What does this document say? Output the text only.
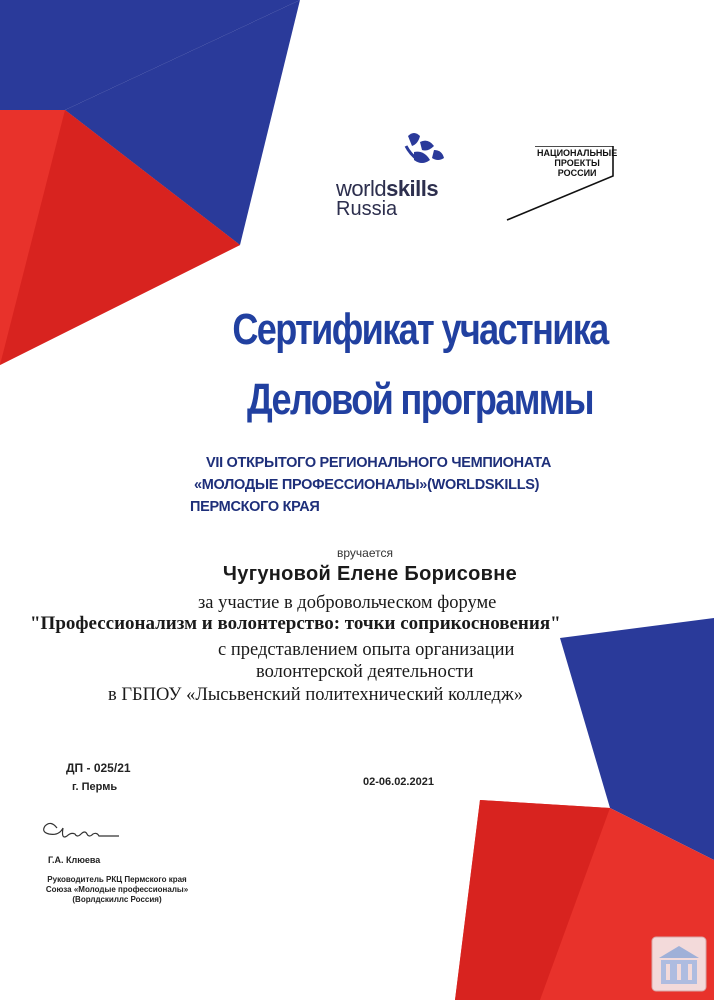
worldskills
Russia
НАЦИОНАЛЬНЫЕ
ПРОЕКТЫ
РОССИИ
Сертификат участника
Деловой программы
VII ОТКРЫТОГО РЕГИОНАЛЬНОГО ЧЕМПИОНАТА
«МОЛОДЫЕ ПРОФЕССИОНАЛЫ»(WORLDSKILLS)
ПЕРМСКОГО КРАЯ
вручается
Чугуновой Елене Борисовне
за участие в добровольческом форуме
"Профессионализм и волонтерство: точки соприкосновения"
с представлением опыта организации
волонтерской деятельности
в ГБПОУ «Лысьвенский политехнический колледж»
ДП - 025/21
г. Пермь	02-06.02.2021
Г.А. Клюева
Руководитель РКЦ Пермского края
Союза «Молодые профессионалы»
(Ворлдскиллс Россия)
